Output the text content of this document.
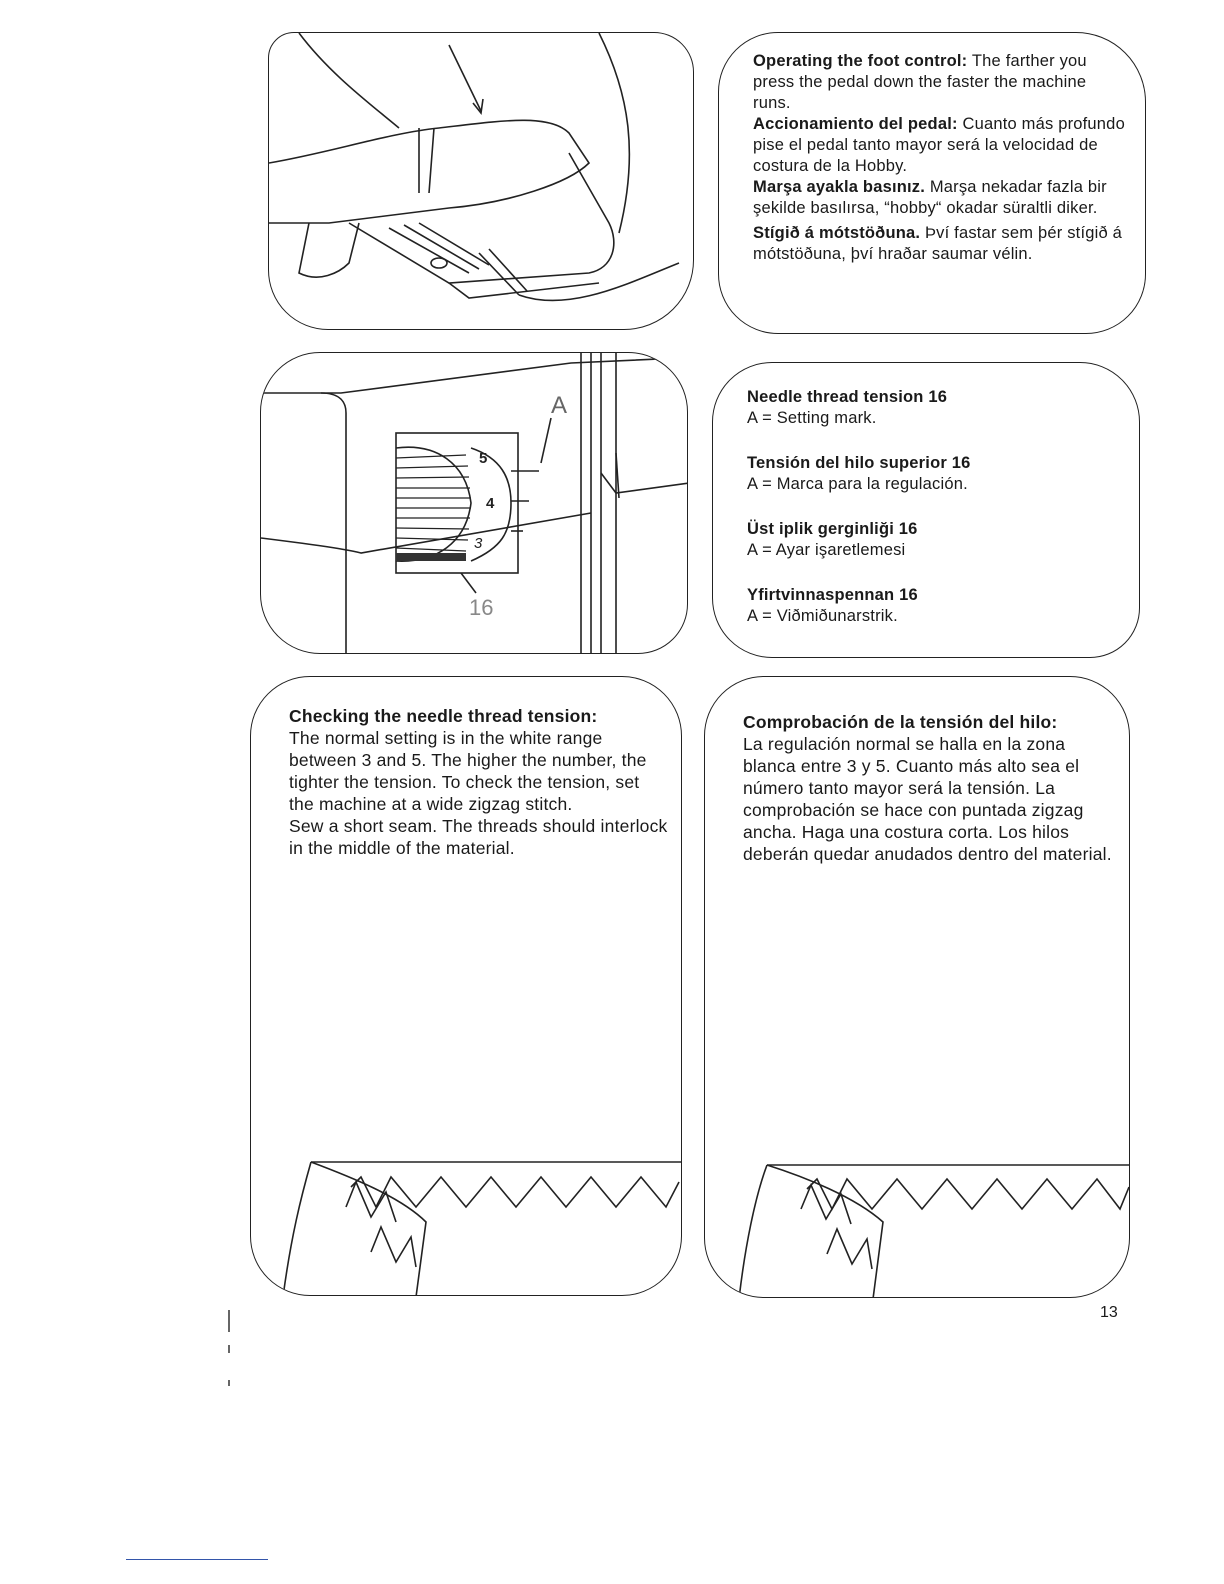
Operating the foot control: The farther you press the pedal down the faster the machine runs.

Accionamiento del pedal: Cuanto más profundo pise el pedal tanto mayor será la velocidad de costura de la Hobby.

Marşa ayakla basınız. Marşa nekadar fazla bir şekilde basılırsa, “hobby“ okadar süraltli diker.

Stígið á mótstöðuna. Því fastar sem þér stígið á mótstöðuna, því hraðar saumar vélin.

A
5
4
3
16

Needle thread tension 16

A = Setting mark.

Tensión del hilo superior 16

A = Marca para la regulación.

Üst iplik gerginliği 16

A = Ayar işaretlemesi

Yfirtvinnaspennan 16

A = Viðmiðunarstrik.

Checking the needle thread tension:

The normal setting is in the white range between 3 and 5. The higher the number, the tighter the tension. To check the tension, set the machine at a wide zigzag stitch.

Sew a short seam. The threads should interlock in the middle of the material.

Comprobación de la tensión del hilo:

La regulación normal se halla en la zona blanca entre 3 y 5. Cuanto más alto sea el número tanto mayor será la tensión. La comprobación se hace con puntada zigzag ancha. Haga una costura corta. Los hilos deberán quedar anudados dentro del material.

13
